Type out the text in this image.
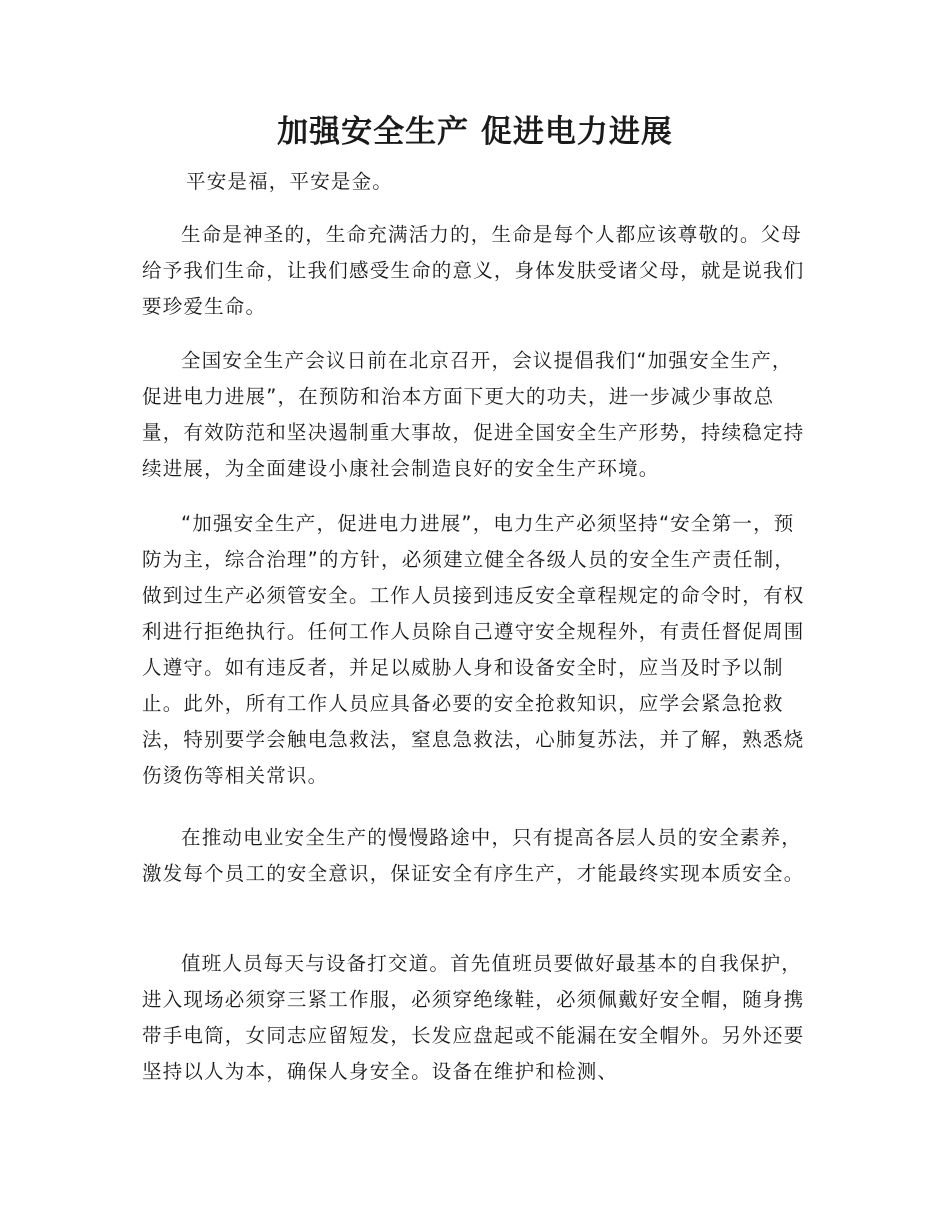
加强安全生产 促进电力进展

平安是福，平安是金。

生命是神圣的，生命充满活力的，生命是每个人都应该尊敬的。父母给予我们生命，让我们感受生命的意义，身体发肤受诸父母，就是说我们要珍爱生命。

全国安全生产会议日前在北京召开，会议提倡我们“加强安全生产，促进电力进展”，在预防和治本方面下更大的功夫，进一步减少事故总量，有效防范和坚决遏制重大事故，促进全国安全生产形势，持续稳定持续进展，为全面建设小康社会制造良好的安全生产环境。

“加强安全生产，促进电力进展”，电力生产必须坚持“安全第一，预防为主，综合治理”的方针，必须建立健全各级人员的安全生产责任制，做到过生产必须管安全。工作人员接到违反安全章程规定的命令时，有权利进行拒绝执行。任何工作人员除自己遵守安全规程外，有责任督促周围人遵守。如有违反者，并足以威胁人身和设备安全时，应当及时予以制止。此外，所有工作人员应具备必要的安全抢救知识，应学会紧急抢救法，特别要学会触电急救法，窒息急救法，心肺复苏法，并了解，熟悉烧伤烫伤等相关常识。

在推动电业安全生产的慢慢路途中，只有提高各层人员的安全素养，激发每个员工的安全意识，保证安全有序生产，才能最终实现本质安全。

值班人员每天与设备打交道。首先值班员要做好最基本的自我保护，进入现场必须穿三紧工作服，必须穿绝缘鞋，必须佩戴好安全帽，随身携带手电筒，女同志应留短发，长发应盘起或不能漏在安全帽外。另外还要坚持以人为本，确保人身安全。设备在维护和检测、
